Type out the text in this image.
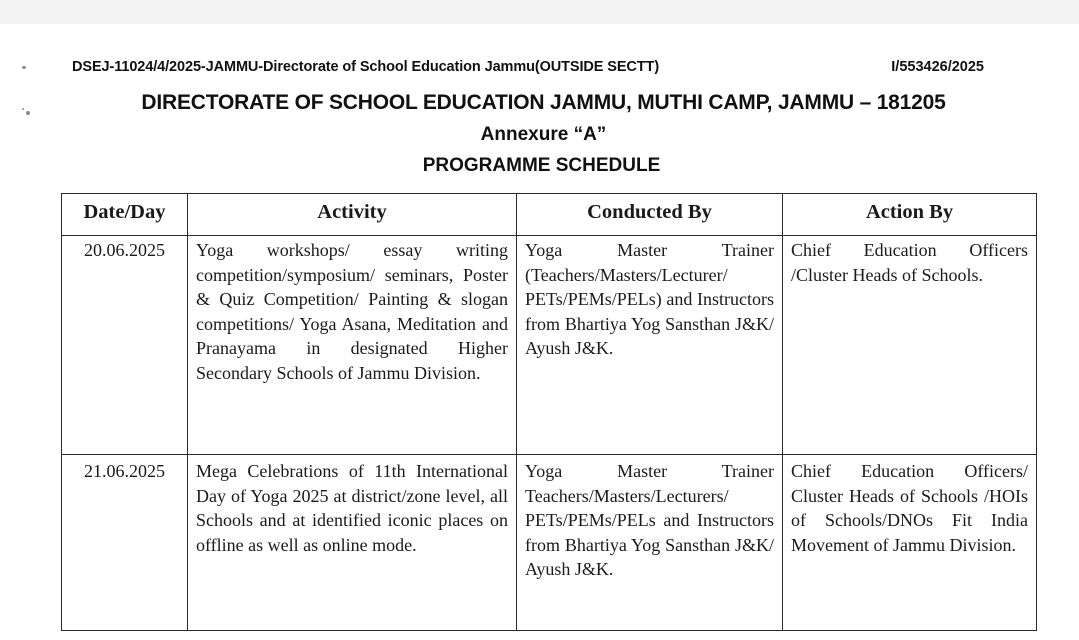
DSEJ-11024/4/2025-JAMMU-Directorate of School Education Jammu(OUTSIDE SECTT)	I/553426/2025
DIRECTORATE OF SCHOOL EDUCATION JAMMU, MUTHI CAMP, JAMMU – 181205
Annexure “A”
PROGRAMME SCHEDULE
Date/Day	Activity	Conducted By	Action By
20.06.2025	Yoga workshops/ essay writing competition/symposium/ seminars, Poster & Quiz Competition/ Painting & slogan competitions/ Yoga Asana, Meditation and Pranayama in designated Higher Secondary Schools of Jammu Division.	Yoga Master Trainer (Teachers/Masters/Lecturer/ PETs/PEMs/PELs) and Instructors from Bhartiya Yog Sansthan J&K/ Ayush J&K.	Chief Education Officers /Cluster Heads of Schools.
21.06.2025	Mega Celebrations of 11th International Day of Yoga 2025 at district/zone level, all Schools and at identified iconic places on offline as well as online mode.	Yoga Master Trainer Teachers/Masters/Lecturers/ PETs/PEMs/PELs and Instructors from Bhartiya Yog Sansthan J&K/ Ayush J&K.	Chief Education Officers/ Cluster Heads of Schools /HOIs of Schools/DNOs Fit India Movement of Jammu Division.
